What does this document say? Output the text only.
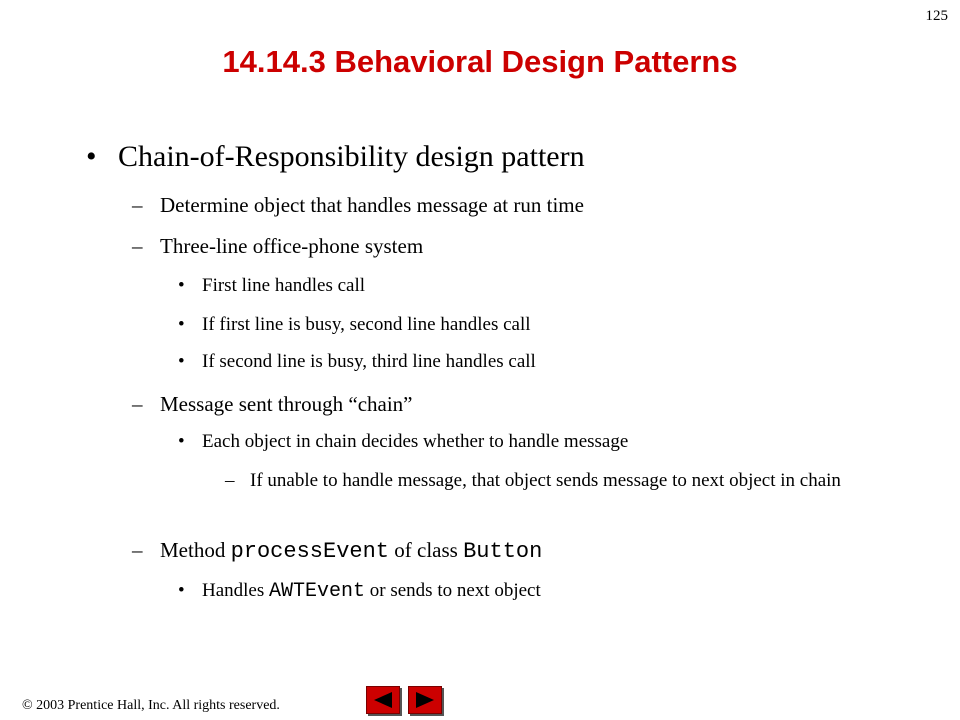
125
14.14.3 Behavioral Design Patterns
• Chain-of-Responsibility design pattern
– Determine object that handles message at run time
– Three-line office-phone system
• First line handles call
• If first line is busy, second line handles call
• If second line is busy, third line handles call
– Message sent through “chain”
• Each object in chain decides whether to handle message
– If unable to handle message, that object sends message to next object in chain
– Method processEvent of class Button
• Handles AWTEvent or sends to next object
© 2003 Prentice Hall, Inc. All rights reserved.
